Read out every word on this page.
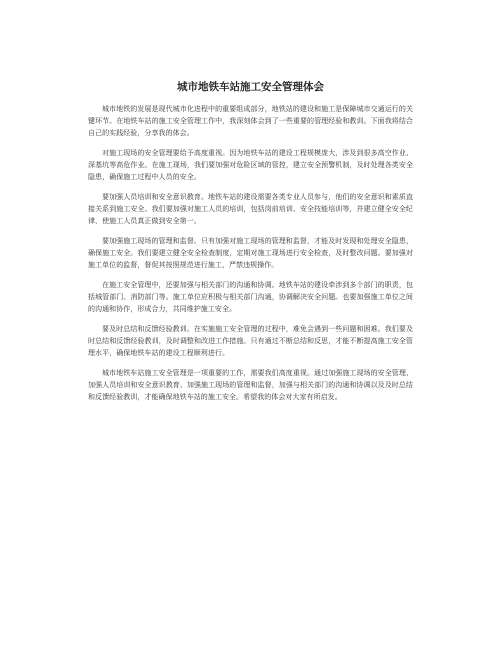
城市地铁车站施工安全管理体会

城市地铁的发展是现代城市化进程中的重要组成部分，地铁站的建设和施工是保障城市交通运行的关键环节。在地铁车站的施工安全管理工作中，我深刻体会到了一些重要的管理经验和教训。下面我将结合自己的实践经验，分享我的体会。

对施工现场的安全管理要给予高度重视。因为地铁车站的建设工程规模庞大，涉及到很多高空作业、深基坑等高危作业。在施工现场，我们要加强对危险区域的管控，建立安全预警机制，及时处理各类安全隐患，确保施工过程中人员的安全。

要加强人员培训和安全意识教育。地铁车站的建设需要各类专业人员参与，他们的安全意识和素质直接关系到施工安全。我们要加强对施工人员的培训，包括岗前培训、安全技能培训等，并建立健全安全纪律，使施工人员真正做到安全第一。

要加强施工现场的管理和监督。只有加强对施工现场的管理和监督，才能及时发现和处理安全隐患，确保施工安全。我们要建立健全安全检查制度，定期对施工现场进行安全检查，及时整改问题。要加强对施工单位的监督，督促其按照规范进行施工，严禁违规操作。

在施工安全管理中，还要加强与相关部门的沟通和协调。地铁车站的建设牵涉到多个部门的职责，包括城管部门、消防部门等。施工单位应积极与相关部门沟通，协调解决安全问题。也要加强施工单位之间的沟通和协作，形成合力，共同维护施工安全。

要及时总结和反馈经验教训。在实施施工安全管理的过程中，难免会遇到一些问题和困难。我们要及时总结和反馈经验教训，及时调整和改进工作措施。只有通过不断总结和反思，才能不断提高施工安全管理水平，确保地铁车站的建设工程顺利进行。

城市地铁车站施工安全管理是一项重要的工作，需要我们高度重视。通过加强施工现场的安全管理、加强人员培训和安全意识教育、加强施工现场的管理和监督，加强与相关部门的沟通和协调以及及时总结和反馈经验教训，才能确保地铁车站的施工安全。希望我的体会对大家有所启发。
